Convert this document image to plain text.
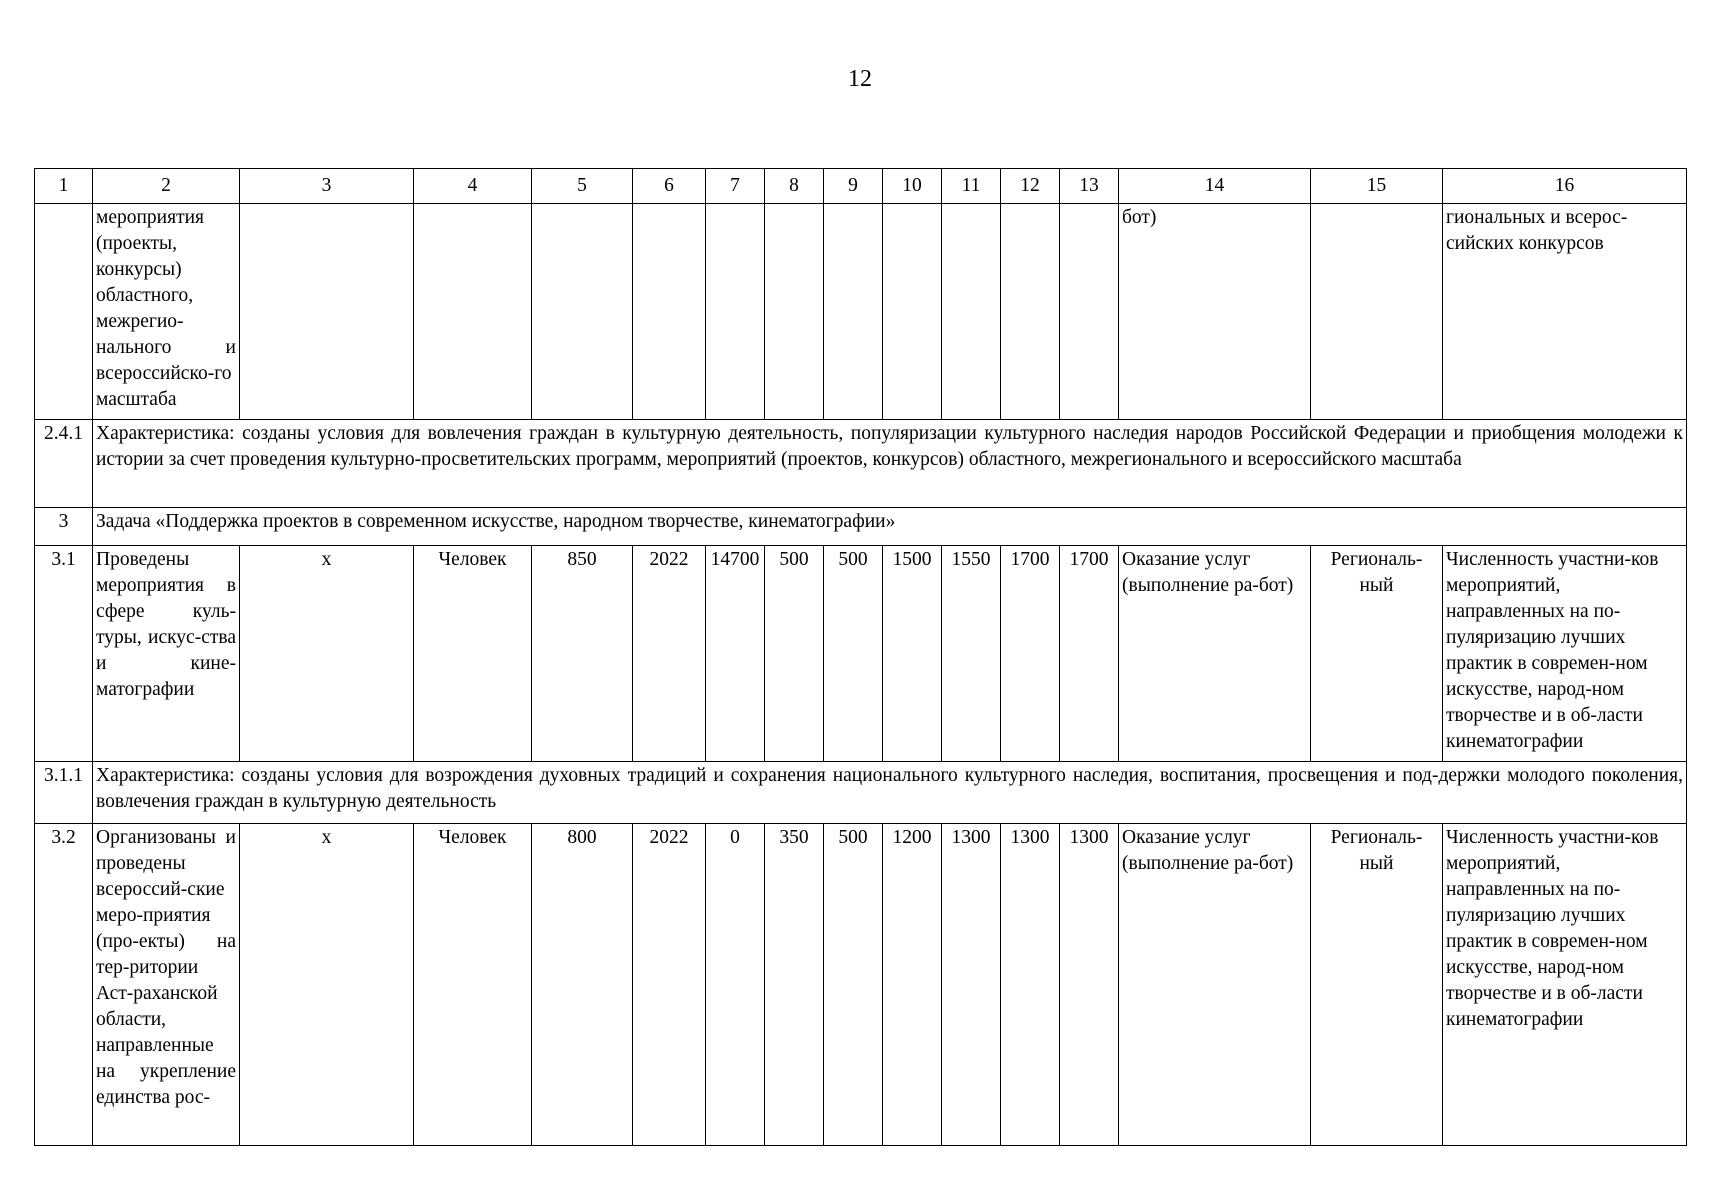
12
1	2	3	4	5	6	7	8	9	10	11	12	13	14	15	16
	мероприятия (проекты, конкурсы) областного, межрегио-нального и всероссийско-го масштаба												бот)		гиональных и всерос-сийских конкурсов
2.4.1	Характеристика: созданы условия для вовлечения граждан в культурную деятельность, популяризации культурного наследия народов Российской Федерации и приобщения молодежи к истории за счет проведения культурно-просветительских программ, мероприятий (проектов, конкурсов) областного, межрегионального и всероссийского масштаба														
3	Задача «Поддержка проектов в современном искусстве, народном творчестве, кинематографии»														
3.1	Проведены мероприятия в сфере куль-туры, искус-ства и кине-матографии	х	Человек	850	2022	14700	500	500	1500	1550	1700	1700	Оказание услуг (выполнение ра-бот)	Региональ-ный	Численность участни-ков мероприятий, направленных на по-пуляризацию лучших практик в современ-ном искусстве, народ-ном творчестве и в об-ласти кинематографии
3.1.1	Характеристика: созданы условия для возрождения духовных традиций и сохранения национального культурного наследия, воспитания, просвещения и под-держки молодого поколения, вовлечения граждан в культурную деятельность														
3.2	Организованы и проведены всероссий-ские меро-приятия (про-екты) на тер-ритории Аст-раханской области, направленные на укрепление единства рос-	х	Человек	800	2022	0	350	500	1200	1300	1300	1300	Оказание услуг (выполнение ра-бот)	Региональ-ный	Численность участни-ков мероприятий, направленных на по-пуляризацию лучших практик в современ-ном искусстве, народ-ном творчестве и в об-ласти кинематографии
